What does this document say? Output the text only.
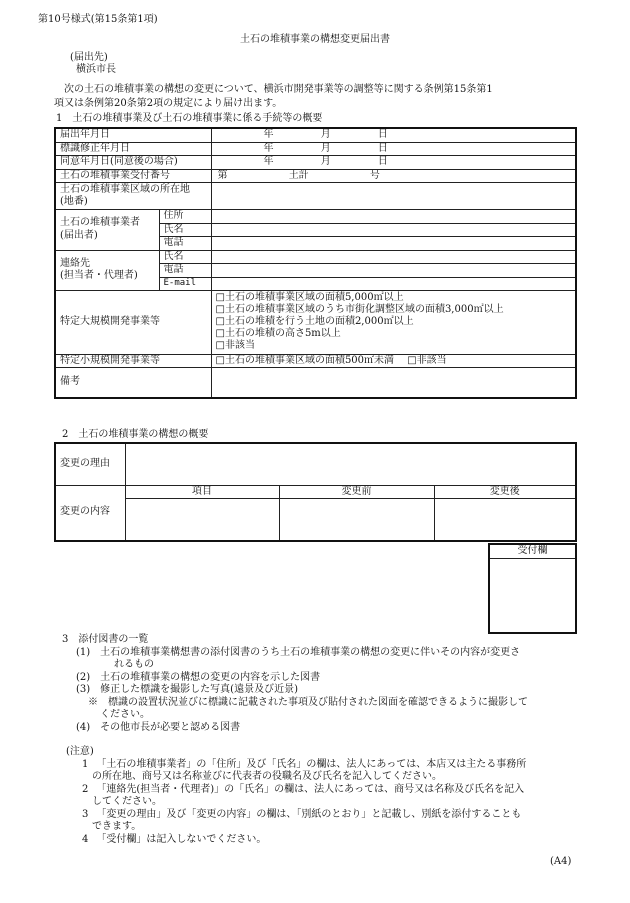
第10号様式(第15条第1項)
土石の堆積事業の構想変更届出書
(届出先)
横浜市長
次の土石の堆積事業の構想の変更について、横浜市開発事業等の調整等に関する条例第15条第1
項又は条例第20条第2項の規定により届け出ます。
1　土石の堆積事業及び土石の堆積事業に係る手続等の概要
届出年月日		年 月 日
標識修正年月日		年 月 日
同意年月日(同意後の場合)		年 月 日
土石の堆積事業受付番号		第 土計 号

土石の堆積事業区域の所在地
(地番)		

土石の堆積事業者
(届出者)	住所	
	氏名	
	電話	

連絡先
(担当者・代理者)	氏名	
	電話	
	E-mail	
特定大規模開発事業等		□土石の堆積事業区域の面積5,000㎡以上
□土石の堆積事業区域のうち市街化調整区域の面積3,000㎡以上
□土石の堆積を行う土地の面積2,000㎡以上
□土石の堆積の高さ5m以上
□非該当

特定小規模開発事業等		□土石の堆積事業区域の面積500㎡未満 □非該当
備考		
2　土石の堆積事業の構想の概要
変更の理由			
変更の内容	項目	変更前	変更後

受付欄

3　添付図書の一覧

(1) 土石の堆積事業構想書の添付図書のうち土石の堆積事業の構想の変更に伴いその内容が変更さ

れるもの

(2) 土石の堆積事業の構想の変更の内容を示した図書

(3) 修正した標識を撮影した写真(遠景及び近景)

※　標識の設置状況並びに標識に記載された事項及び貼付された図面を確認できるように撮影して

ください。

(4) その他市長が必要と認める図書

(注意)

1 「土石の堆積事業者」の「住所」及び「氏名」の欄は、法人にあっては、本店又は主たる事務所

の所在地、商号又は名称並びに代表者の役職名及び氏名を記入してください。

2 「連絡先(担当者・代理者)」の「氏名」の欄は、法人にあっては、商号又は名称及び氏名を記入

してください。

3 「変更の理由」及び「変更の内容」の欄は、「別紙のとおり」と記載し、別紙を添付することも

できます。

4 「受付欄」は記入しないでください。

(A4)
